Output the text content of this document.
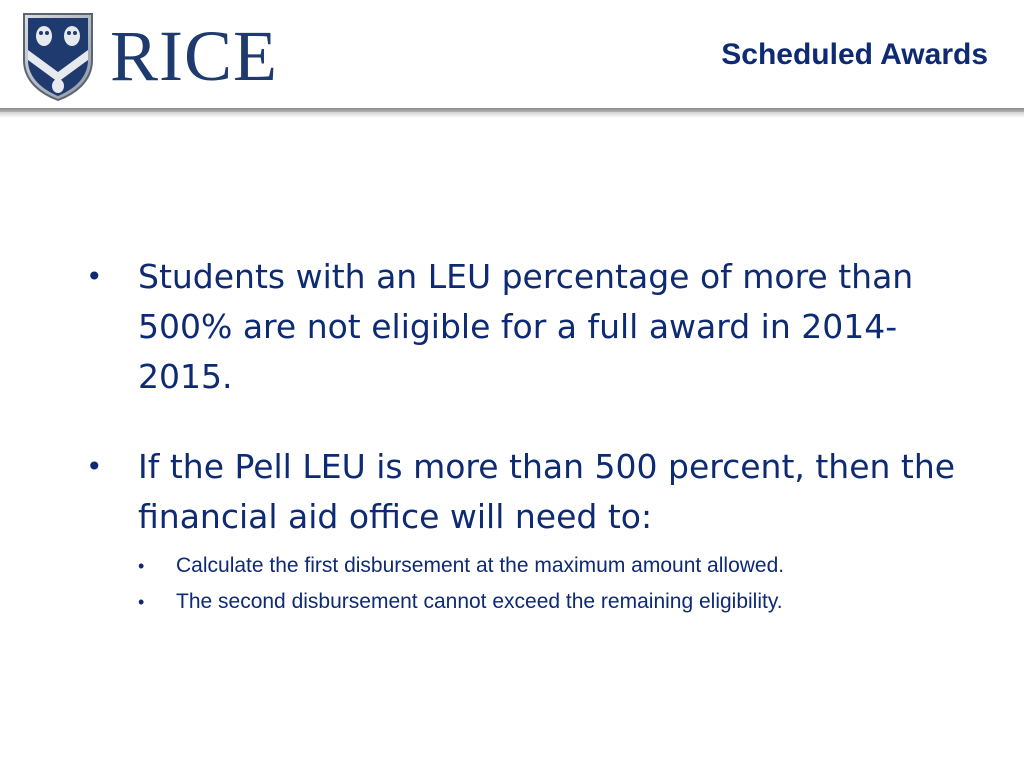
RICE	Scheduled Awards
• Students with an LEU percentage of more than 500% are not eligible for a full award in 2014-2015.
• If the Pell LEU is more than 500 percent, then the financial aid office will need to:
• Calculate the first disbursement at the maximum amount allowed.
• The second disbursement cannot exceed the remaining eligibility.
